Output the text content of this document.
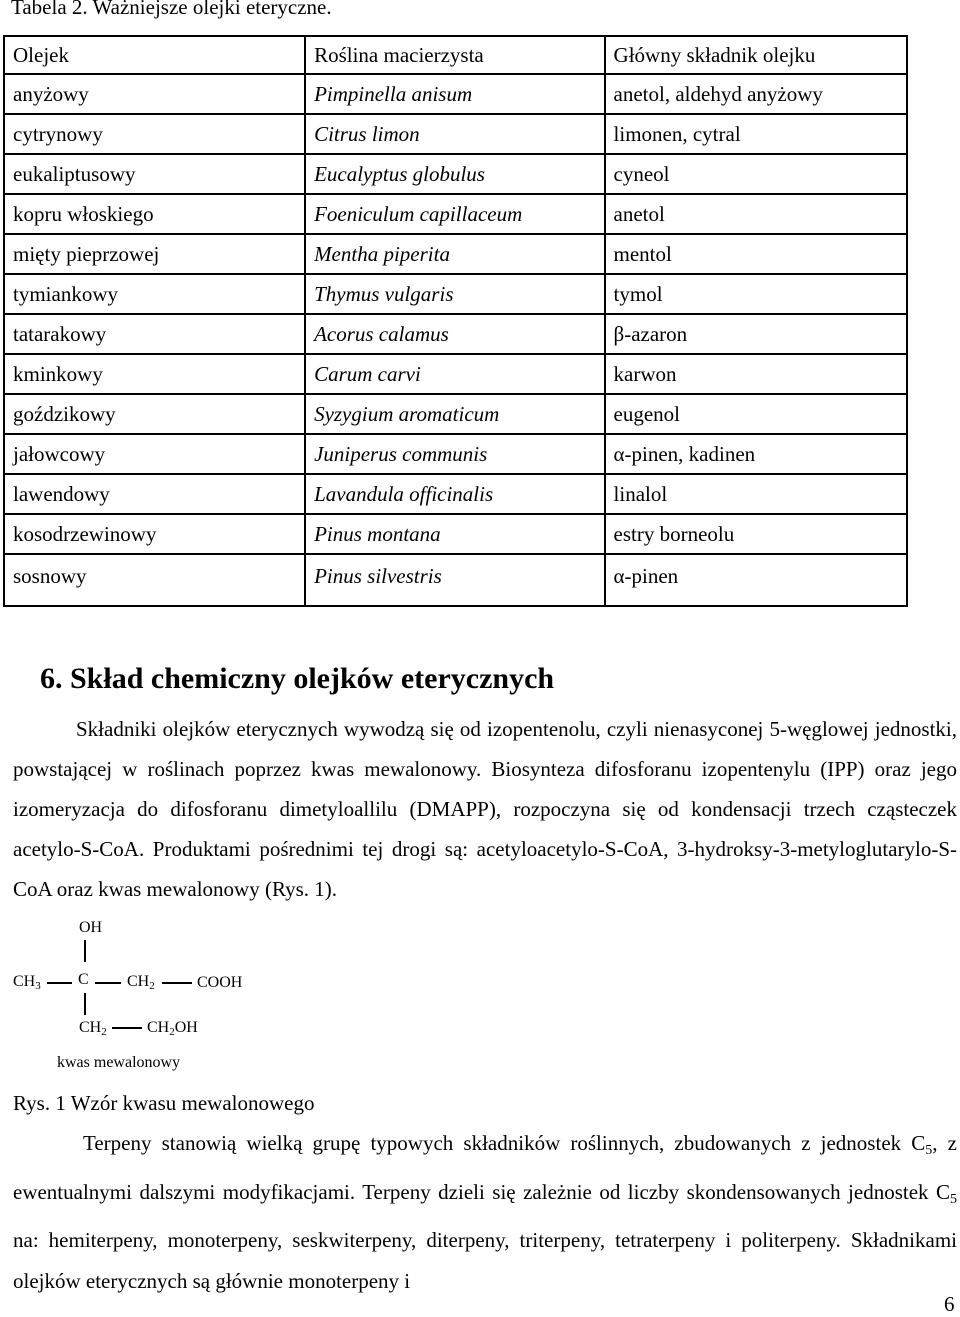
Tabela 2. Ważniejsze olejki eteryczne.
Olejek	Roślina macierzysta	Główny składnik olejku
anyżowy	Pimpinella anisum	anetol, aldehyd anyżowy
cytrynowy	Citrus limon	limonen, cytral
eukaliptusowy	Eucalyptus globulus	cyneol
kopru włoskiego	Foeniculum capillaceum	anetol
mięty pieprzowej	Mentha piperita	mentol
tymiankowy	Thymus vulgaris	tymol
tatarakowy	Acorus calamus	β-azaron
kminkowy	Carum carvi	karwon
goździkowy	Syzygium aromaticum	eugenol
jałowcowy	Juniperus communis	α-pinen, kadinen
lawendowy	Lavandula officinalis	linalol
kosodrzewinowy	Pinus montana	estry borneolu
sosnowy	Pinus silvestris	α-pinen
6. Skład chemiczny olejków eterycznych
Składniki olejków eterycznych wywodzą się od izopentenolu, czyli nienasyconej 5-węglowej jednostki, powstającej w roślinach poprzez kwas mewalonowy. Biosynteza difosforanu izopentenylu (IPP) oraz jego izomeryzacja do difosforanu dimetyloallilu (DMAPP), rozpoczyna się od kondensacji trzech cząsteczek acetylo-S-CoA. Produktami pośrednimi tej drogi są: acetyloacetylo-S-CoA, 3-hydroksy-3-metyloglutarylo-S-CoA oraz kwas mewalonowy (Rys. 1).
OH
$CH_3$ C $CH_2$	COOH
$CH_2$	$CH_2OH$
kwas mewalonowy
Rys. 1 Wzór kwasu mewalonowego
Terpeny stanowią wielką grupę typowych składników roślinnych, zbudowanych z jednostek $C_5$, z ewentualnymi dalszymi modyfikacjami. Terpeny dzieli się zależnie od liczby skondensowanych jednostek $C_5$ na: hemiterpeny, monoterpeny, seskwiterpeny, diterpeny, triterpeny, tetraterpeny i politerpeny. Składnikami olejków eterycznych są głównie monoterpeny i
6
